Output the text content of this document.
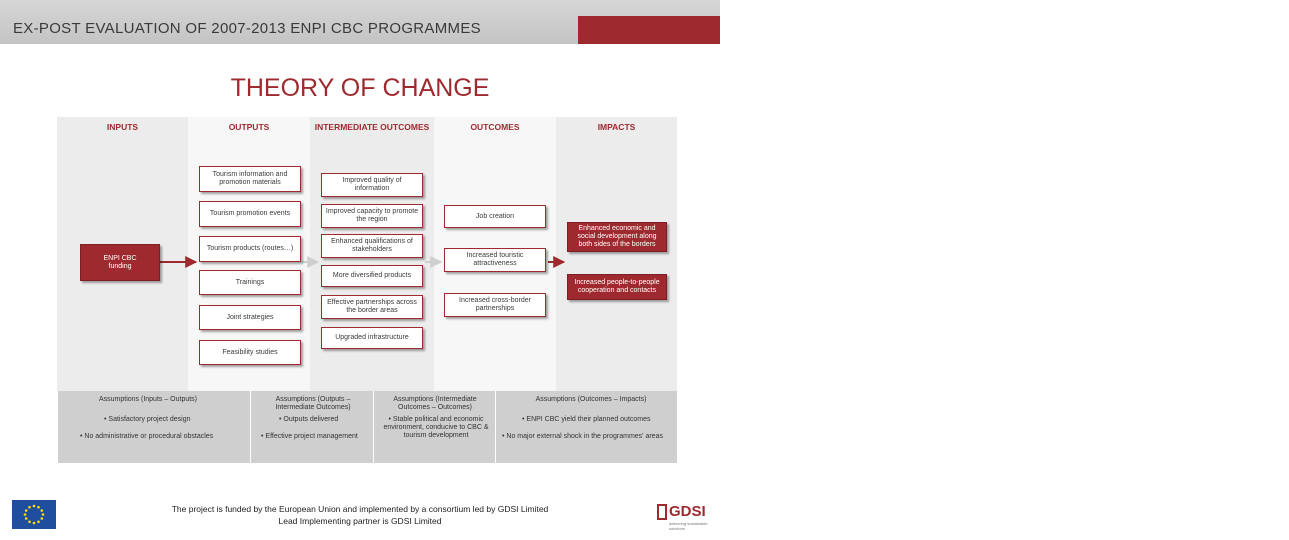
EX-POST EVALUATION OF 2007-2013 ENPI CBC PROGRAMMES
6
THEORY OF CHANGE
INPUTS	OUTPUTS	INTERMEDIATE OUTCOMES	OUTCOMES	IMPACTS
ENPI CBC
funding
Tourism information and promotion materials
Tourism promotion events
Tourism products (routes…)
Trainings
Joint strategies
Feasibility studies
Improved quality of information
Improved capacity to promote the region
Enhanced qualifications of stakeholders
More diversified products
Effective partnerships across the border areas
Upgraded infrastructure
Job creation
Increased touristic attractiveness
Increased cross-border partnerships
Enhanced economic and social development along both sides of the borders
Increased people-to-people cooperation and contacts
Assumptions (Inputs – Outputs)
• Satisfactory project design
• No administrative or procedural obstacles
Assumptions (Outputs – Intermediate Outcomes)
• Outputs delivered
• Effective project management
Assumptions (Intermediate Outcomes – Outcomes)
• Stable political and economic environment, conducive to CBC & tourism development
Assumptions (Outcomes – Impacts)
• ENPI CBC yield their planned outcomes
• No major external shock in the programmes' areas
The project is funded by the European Union and implemented by a consortium led by GDSI Limited
Lead Implementing partner is GDSI Limited
GDSI
delivering sustainable solutions
